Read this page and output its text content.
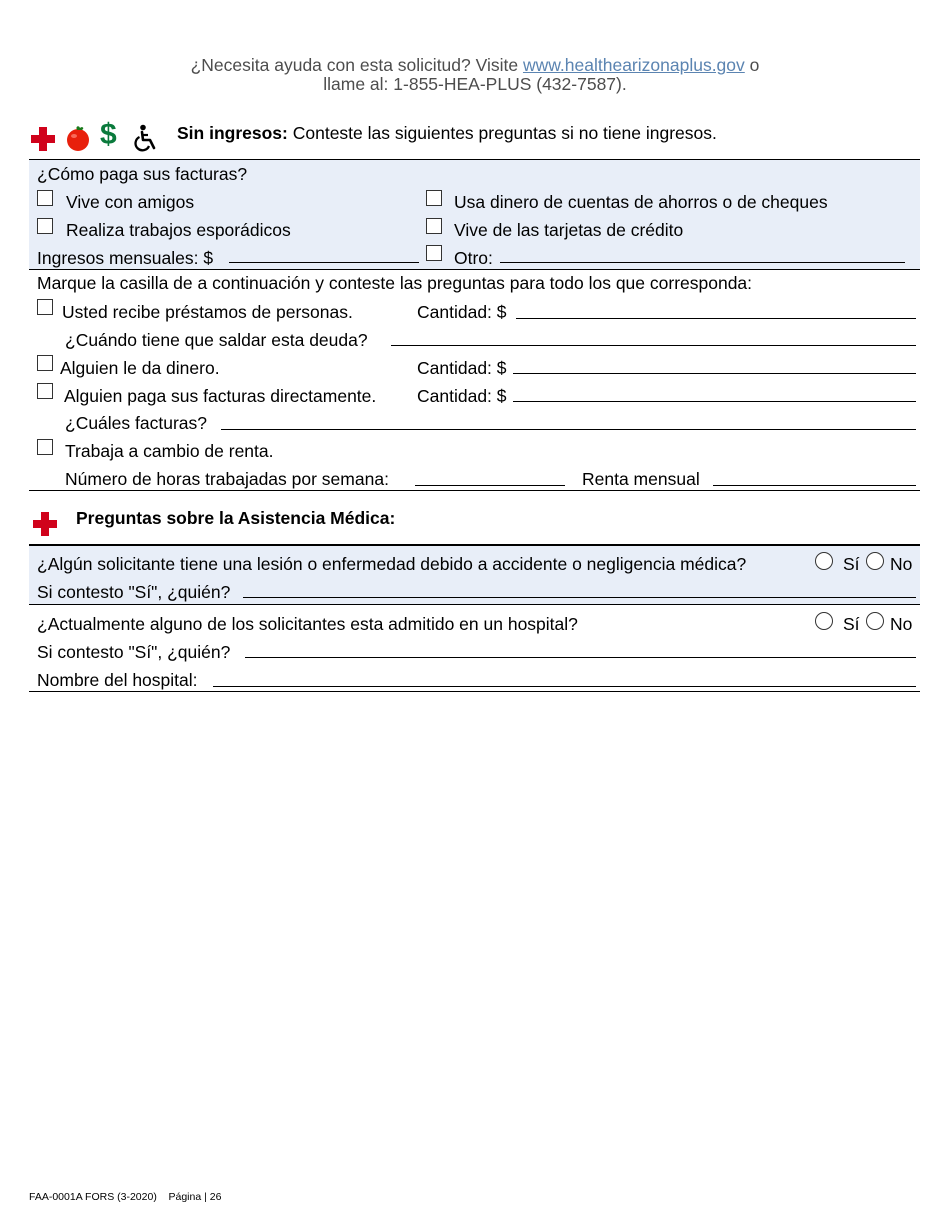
¿Necesita ayuda con esta solicitud? Visite www.healthearizonaplus.gov o
llame al: 1-855-HEA-PLUS (432-7587).
$	Sin ingresos: Conteste las siguientes preguntas si no tiene ingresos.
¿Cómo paga sus facturas?
Vive con amigos	Usa dinero de cuentas de ahorros o de cheques
Realiza trabajos esporádicos	Vive de las tarjetas de crédito
Ingresos mensuales: $	Otro:
Marque la casilla de a continuación y conteste las preguntas para todo los que corresponda:
Usted recibe préstamos de personas.	Cantidad: $
¿Cuándo tiene que saldar esta deuda?
Alguien le da dinero.	Cantidad: $
Alguien paga sus facturas directamente. Cantidad: $
¿Cuáles facturas?
Trabaja a cambio de renta.
Número de horas trabajadas por semana:	Renta mensual
Preguntas sobre la Asistencia Médica:
¿Algún solicitante tiene una lesión o enfermedad debido a accidente o negligencia médica?	Sí No
Si contesto "Sí", ¿quién?
¿Actualmente alguno de los solicitantes esta admitido en un hospital?	Sí No
Si contesto "Sí", ¿quién?
Nombre del hospital:
FAA-0001A FORS (3-2020) Página | 26
